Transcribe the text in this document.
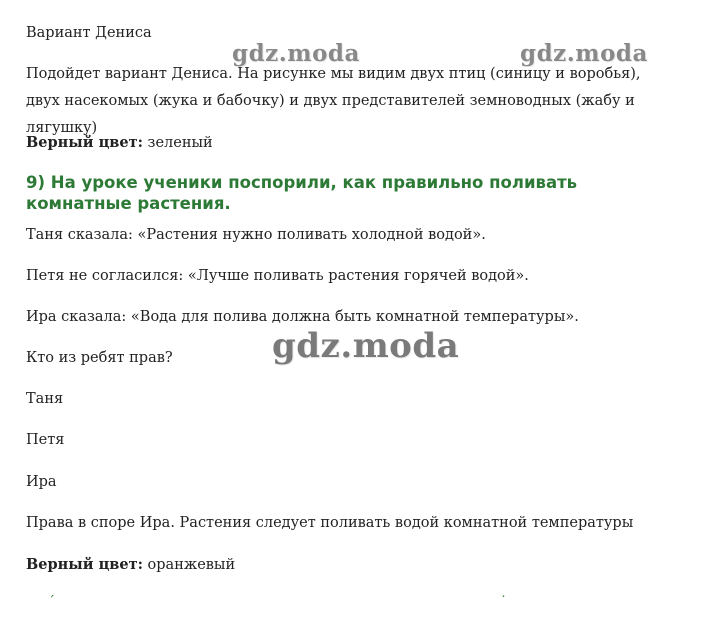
Вариант Дениса
Подойдет вариант Дениса. На рисунке мы видим двух птиц (синицу и воробья), двух насекомых (жука и бабочку) и двух представителей земноводных (жабу и лягушку)
Верный цвет: зеленый
9) На уроке ученики поспорили, как правильно поливать комнатные растения.
Таня сказала: «Растения нужно поливать холодной водой».
Петя не согласился: «Лучше поливать растения горячей водой».
Ира сказала: «Вода для полива должна быть комнатной температуры».
Кто из ребят прав?
Таня
Петя
Ира
Права в споре Ира. Растения следует поливать водой комнатной температуры
Верный цвет: оранжевый
gdz.moda	gdz.moda
gdz.moda
´	˙
